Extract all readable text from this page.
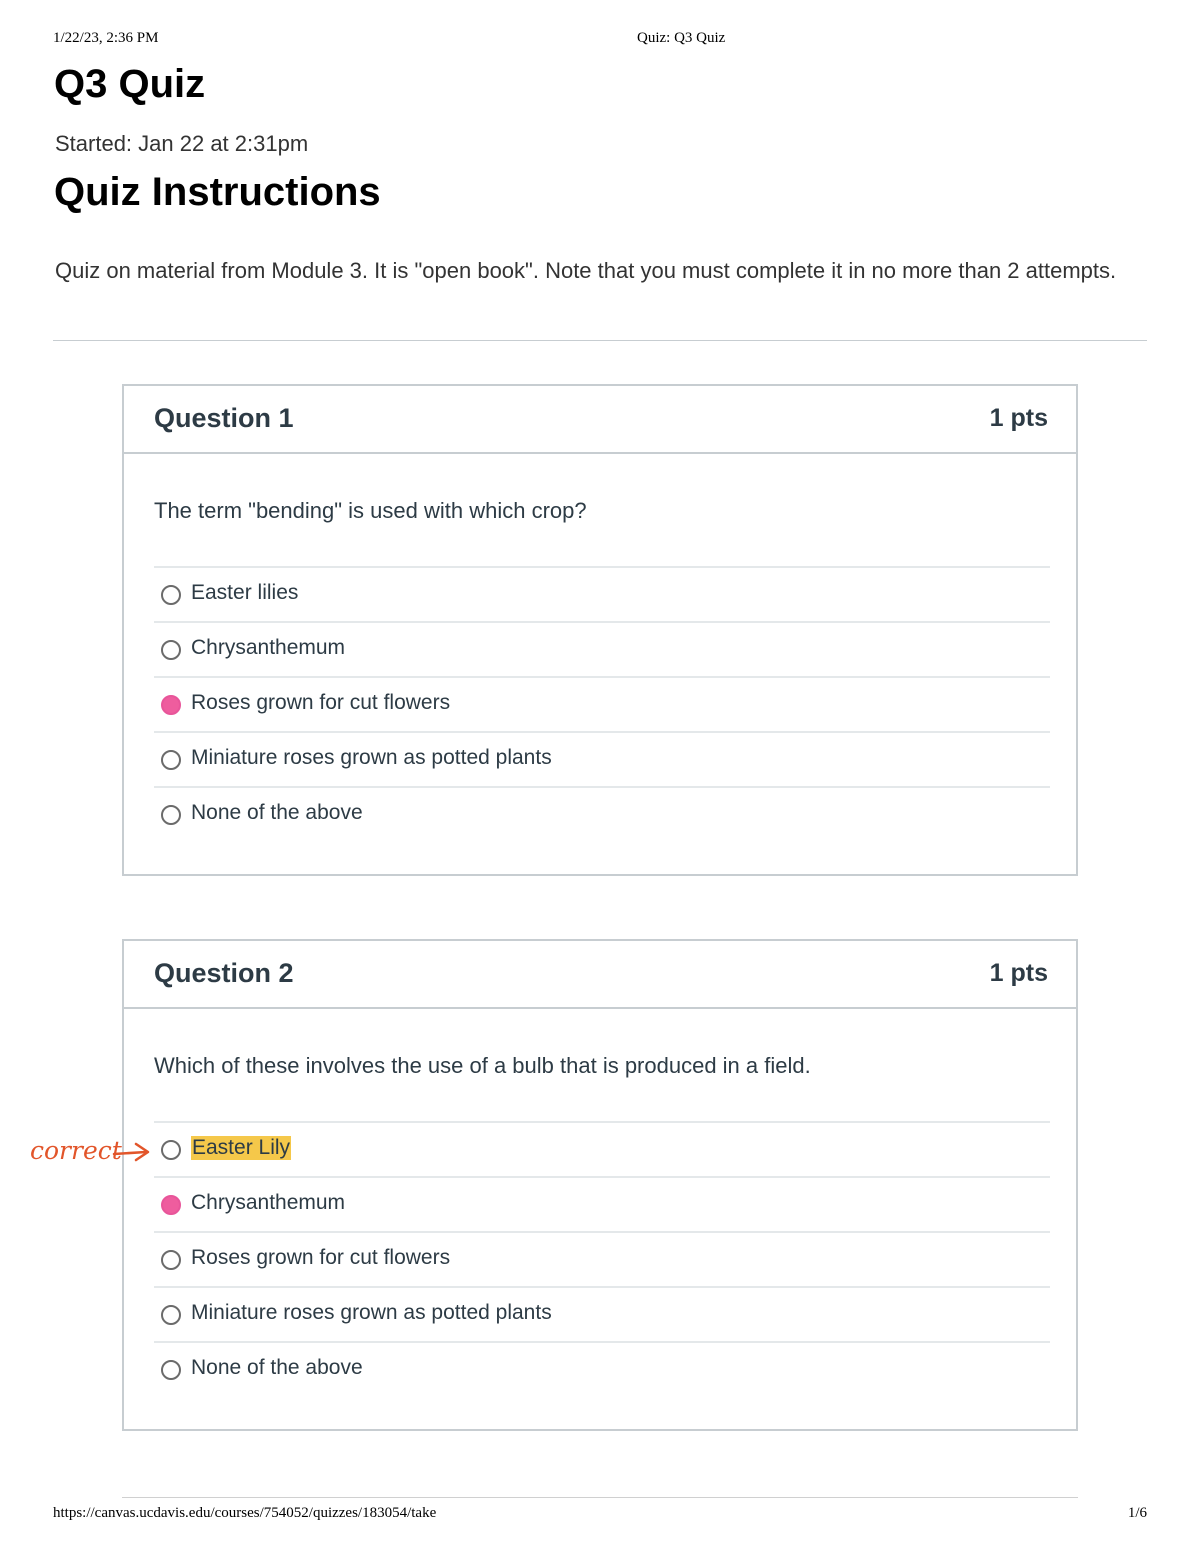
1/22/23, 2:36 PM	Quiz: Q3 Quiz
Q3 Quiz
Started: Jan 22 at 2:31pm
Quiz Instructions

Quiz on material from Module 3. It is "open book". Note that you must complete it in no more than 2 attempts.

Question 1	1 pts
The term "bending" is used with which crop?
Easter lilies
Chrysanthemum
Roses grown for cut flowers
Miniature roses grown as potted plants
None of the above
Question 2	1 pts
Which of these involves the use of a bulb that is produced in a field.
Easter Lily
Chrysanthemum
Roses grown for cut flowers
Miniature roses grown as potted plants
None of the above
correct
https://canvas.ucdavis.edu/courses/754052/quizzes/183054/take	1/6
